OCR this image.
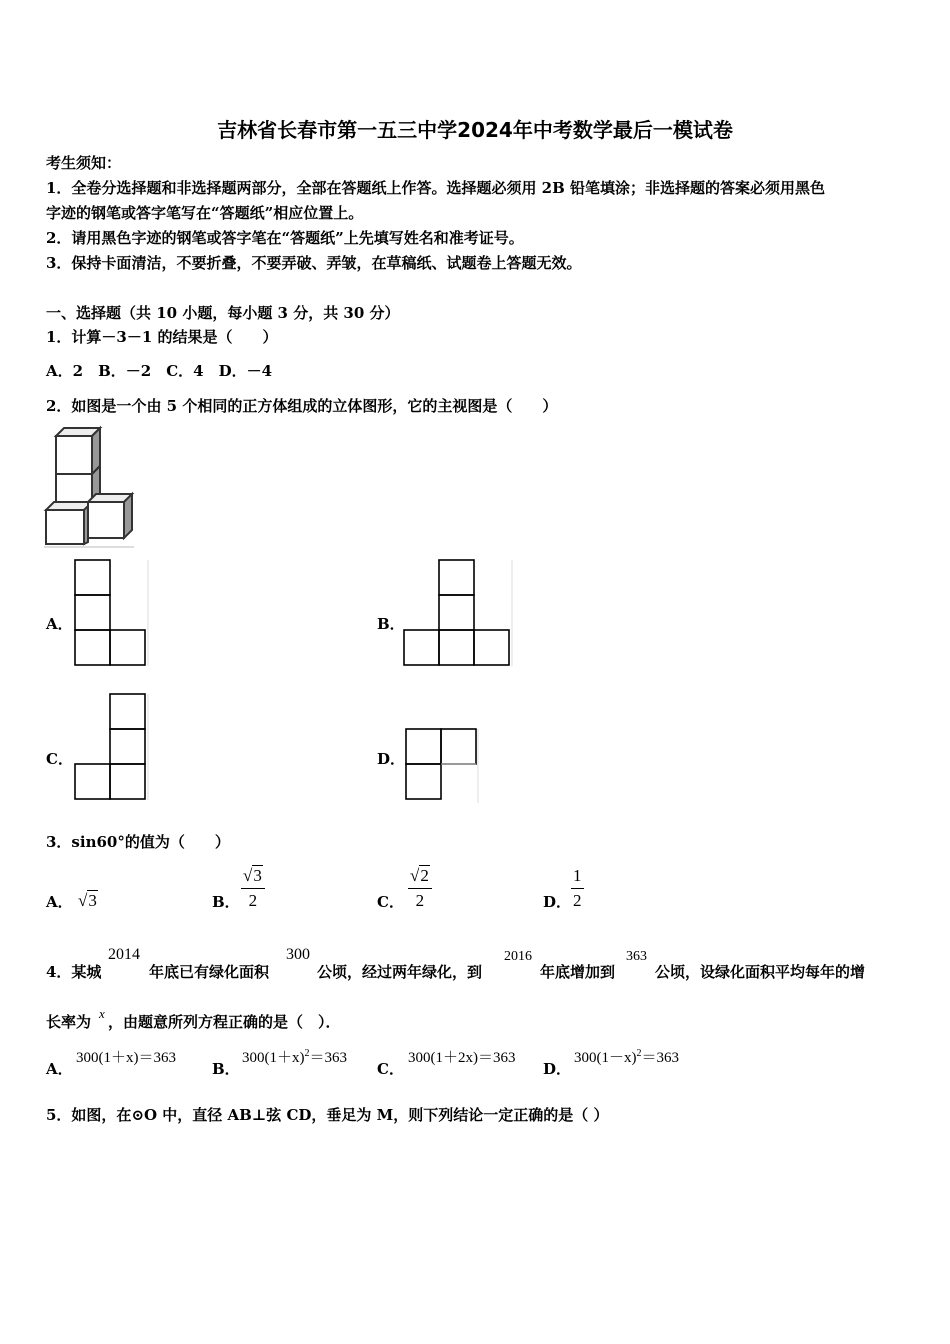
吉林省长春市第一五三中学2024年中考数学最后一模试卷
考生须知：
1．全卷分选择题和非选择题两部分，全部在答题纸上作答。选择题必须用 2B 铅笔填涂；非选择题的答案必须用黑色
字迹的钢笔或答字笔写在“答题纸”相应位置上。
2．请用黑色字迹的钢笔或答字笔在“答题纸”上先填写姓名和准考证号。
3．保持卡面清洁，不要折叠，不要弄破、弄皱，在草稿纸、试题卷上答题无效。
一、选择题（共 10 小题，每小题 3 分，共 30 分）
1．计算－3－1 的结果是（　　）
A．2　B．－2　C．4　D．－4
2．如图是一个由 5 个相同的正方体组成的立体图形，它的主视图是（　　）
A．	B．
C．	D．
3．sin60°的值为（　　）
A． √3	B． $\frac{√3}{2}$	C． $\frac{√2}{2}$	D． $\frac{1}{2}$
4．某城
2014
年底已有绿化面积
300
公顷，经过两年绿化，到
2016
年底增加到
363
公顷，设绿化面积平均每年的增
长率为 x ，由题意所列方程正确的是（　）．
A．
300(1＋x)＝363
B．
$300(1+x)^2=363$
C．
300(1＋2x)＝363
D．
$300(1-x)^2=363$
5．如图，在⊙O 中，直径 AB⊥弦 CD，垂足为 M，则下列结论一定正确的是（ ）
